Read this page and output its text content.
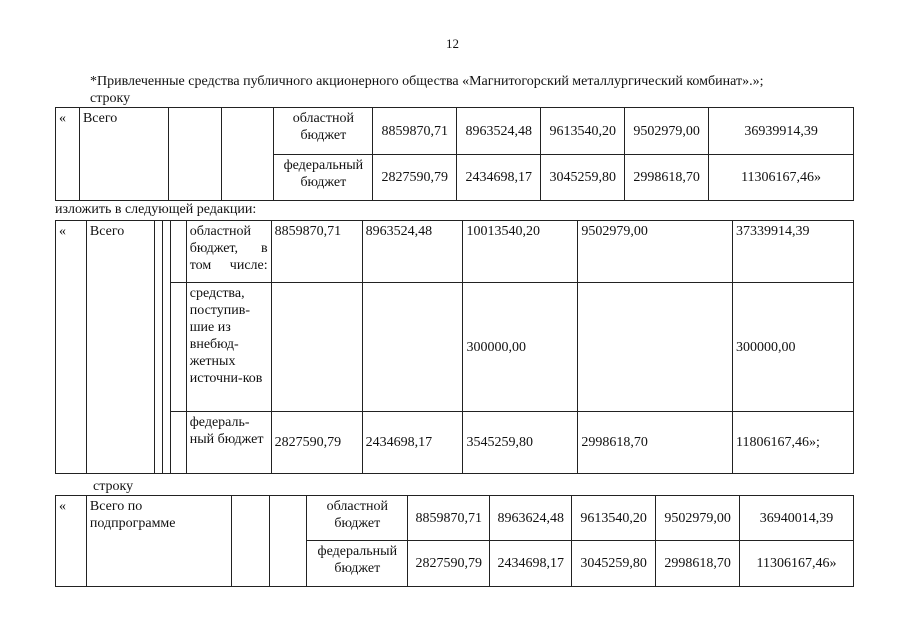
12
*Привлеченные средства публичного акционерного общества «Магнитогорский металлургический комбинат».»;
строку
«	Всего			областной бюджет	8859870,71	8963524,48	9613540,20	9502979,00	36939914,39
				федеральный бюджет	2827590,79	2434698,17	3045259,80	2998618,70	11306167,46»
изложить в следующей редакции:
«	Всего				областной бюджет, в том числе:	8859870,71	8963524,48	10013540,20	9502979,00	37339914,39
					средства, поступив-шие из внебюд-жетных источни-ков			300000,00		300000,00
					федераль-ный бюджет	2827590,79	2434698,17	3545259,80	2998618,70	11806167,46»;
строку
«	Всего по подпрограмме			областной бюджет	8859870,71	8963624,48	9613540,20	9502979,00	36940014,39
				федеральный бюджет	2827590,79	2434698,17	3045259,80	2998618,70	11306167,46»
